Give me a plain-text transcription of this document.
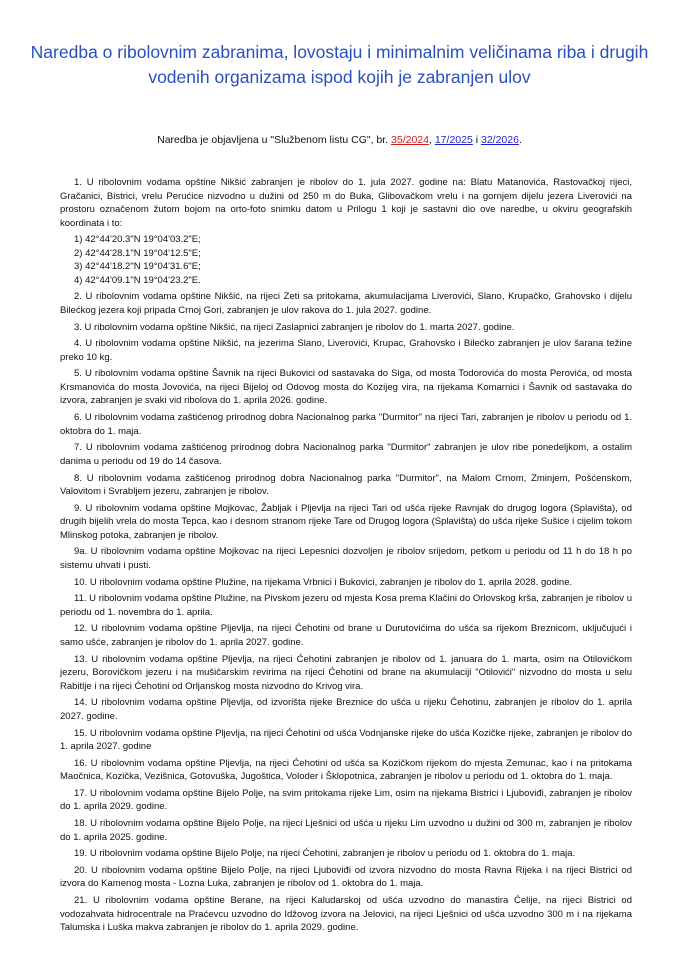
Naredba o ribolovnim zabranima, lovostaju i minimalnim veličinama riba i drugih vodenih organizama ispod kojih je zabranjen ulov
Naredba je objavljena u "Službenom listu CG", br. 35/2024, 17/2025 i 32/2026.

1. U ribolovnim vodama opštine Nikšić zabranjen je ribolov do 1. jula 2027. godine na: Blatu Matanovića, Rastovačkoj rijeci, Gračanici, Bistrici, vrelu Perućice nizvodno u dužini od 250 m do Buka, Glibovačkom vrelu i na gornjem dijelu jezera Liverovići na prostoru označenom žutom bojom na orto-foto snimku datom u Prilogu 1 koji je sastavni dio ove naredbe, u okviru geografskih koordinata i to:

1) 42°44'20.3"N 19°04'03.2"E;
2) 42°44'28.1"N 19°04'12.5"E;
3) 42°44'18.2"N 19°04'31.6"E;
4) 42°44'09.1"N 19°04'23.2"E.

2. U ribolovnim vodama opštine Nikšić, na rijeci Zeti sa pritokama, akumulacijama Liverovići, Slano, Krupačko, Grahovsko i dijelu Bilećkog jezera koji pripada Crnoj Gori, zabranjen je ulov rakova do 1. jula 2027. godine.

3. U ribolovnim vodama opštine Nikšić, na rijeci Zaslapnici zabranjen je ribolov do 1. marta 2027. godine.

4. U ribolovnim vodama opštine Nikšić, na jezerima Slano, Liverovići, Krupac, Grahovsko i Bilećko zabranjen je ulov šarana težine preko 10 kg.

5. U ribolovnim vodama opštine Šavnik na rijeci Bukovici od sastavaka do Siga, od mosta Todorovića do mosta Perovića, od mosta Krsmanovića do mosta Jovovića, na rijeci Bijeloj od Odovog mosta do Kozijeg vira, na rijekama Komarnici i Šavnik od sastavaka do izvora, zabranjen je svaki vid ribolova do 1. aprila 2026. godine.

6. U ribolovnim vodama zaštićenog prirodnog dobra Nacionalnog parka "Durmitor" na rijeci Tari, zabranjen je ribolov u periodu od 1. oktobra do 1. maja.

7. U ribolovnim vodama zaštićenog prirodnog dobra Nacionalnog parka "Durmitor" zabranjen je ulov ribe ponedeljkom, a ostalim danima u periodu od 19 do 14 časova.

8. U ribolovnim vodama zaštićenog prirodnog dobra Nacionalnog parka "Durmitor", na Malom Crnom, Zminjem, Pošćenskom, Valovitom i Svrabljem jezeru, zabranjen je ribolov.

9. U ribolovnim vodama opštine Mojkovac, Žabljak i Pljevlja na rijeci Tari od ušća rijeke Ravnjak do drugog logora (Splavišta), od drugih bijelih vrela do mosta Tepca, kao i desnom stranom rijeke Tare od Drugog logora (Splavišta) do ušća rijeke Sušice i cijelim tokom Mlinskog potoka, zabranjen je ribolov.

9a. U ribolovnim vodama opštine Mojkovac na rijeci Lepesnici dozvoljen je ribolov srijedom, petkom u periodu od 11 h do 18 h po sistemu uhvati i pusti.

10. U ribolovnim vodama opštine Plužine, na rijekama Vrbnici i Bukovici, zabranjen je ribolov do 1. aprila 2028. godine.

11. U ribolovnim vodama opštine Plužine, na Pivskom jezeru od mjesta Kosa prema Klačini do Orlovskog krša, zabranjen je ribolov u periodu od 1. novembra do 1. aprila.

12. U ribolovnim vodama opštine Pljevlja, na rijeci Ćehotini od brane u Durutovićima do ušća sa rijekom Breznicom, uključujući i samo ušće, zabranjen je ribolov do 1. aprila 2027. godine.

13. U ribolovnim vodama opštine Pljevlja, na rijeci Ćehotini zabranjen je ribolov od 1. januara do 1. marta, osim na Otilovićkom jezeru, Borovičkom jezeru i na mušičarskim revirima na rijeci Ćehotini od brane na akumulaciji "Otilovići" nizvodno do mosta u selu Rabitlje i na rijeci Ćehotini od Orljanskog mosta nizvodno do Krivog vira.

14. U ribolovnim vodama opštine Pljevlja, od izvorišta rijeke Breznice do ušća u rijeku Ćehotinu, zabranjen je ribolov do 1. aprila 2027. godine.

15. U ribolovnim vodama opštine Pljevlja, na rijeci Ćehotini od ušća Vodnjanske rijeke do ušća Kozičke rijeke, zabranjen je ribolov do 1. aprila 2027. godine

16. U ribolovnim vodama opštine Pljevlja, na rijeci Ćehotini od ušća sa Kozičkom rijekom do mjesta Zemunac, kao i na pritokama Maočnica, Kozička, Vezišnica, Gotovuška, Jugoštica, Voloder i Šklopotnica, zabranjen je ribolov u periodu od 1. oktobra do 1. maja.

17. U ribolovnim vodama opštine Bijelo Polje, na svim pritokama rijeke Lim, osim na rijekama Bistrici i Ljuboviđi, zabranjen je ribolov do 1. aprila 2029. godine.

18. U ribolovnim vodama opštine Bijelo Polje, na rijeci Lješnici od ušća u rijeku Lim uzvodno u dužini od 300 m, zabranjen je ribolov do 1. aprila 2025. godine.

19. U ribolovnim vodama opštine Bijelo Polje, na rijeci Ćehotini, zabranjen je ribolov u periodu od 1. oktobra do 1. maja.

20. U ribolovnim vodama opštine Bijelo Polje, na rijeci Ljuboviđi od izvora nizvodno do mosta Ravna Rijeka i na rijeci Bistrici od izvora do Kamenog mosta - Lozna Luka, zabranjen je ribolov od 1. oktobra do 1. maja.

21. U ribolovnim vodama opštine Berane, na rijeci Kaludarskoj od ušća uzvodno do manastira Ćelije, na rijeci Bistrici od vodozahvata hidrocentrale na Praćevcu uzvodno do Idžovog izvora na Jelovici, na rijeci Lješnici od ušća uzvodno 300 m i na rijekama Talumska i Luška makva zabranjen je ribolov do 1. aprila 2029. godine.
